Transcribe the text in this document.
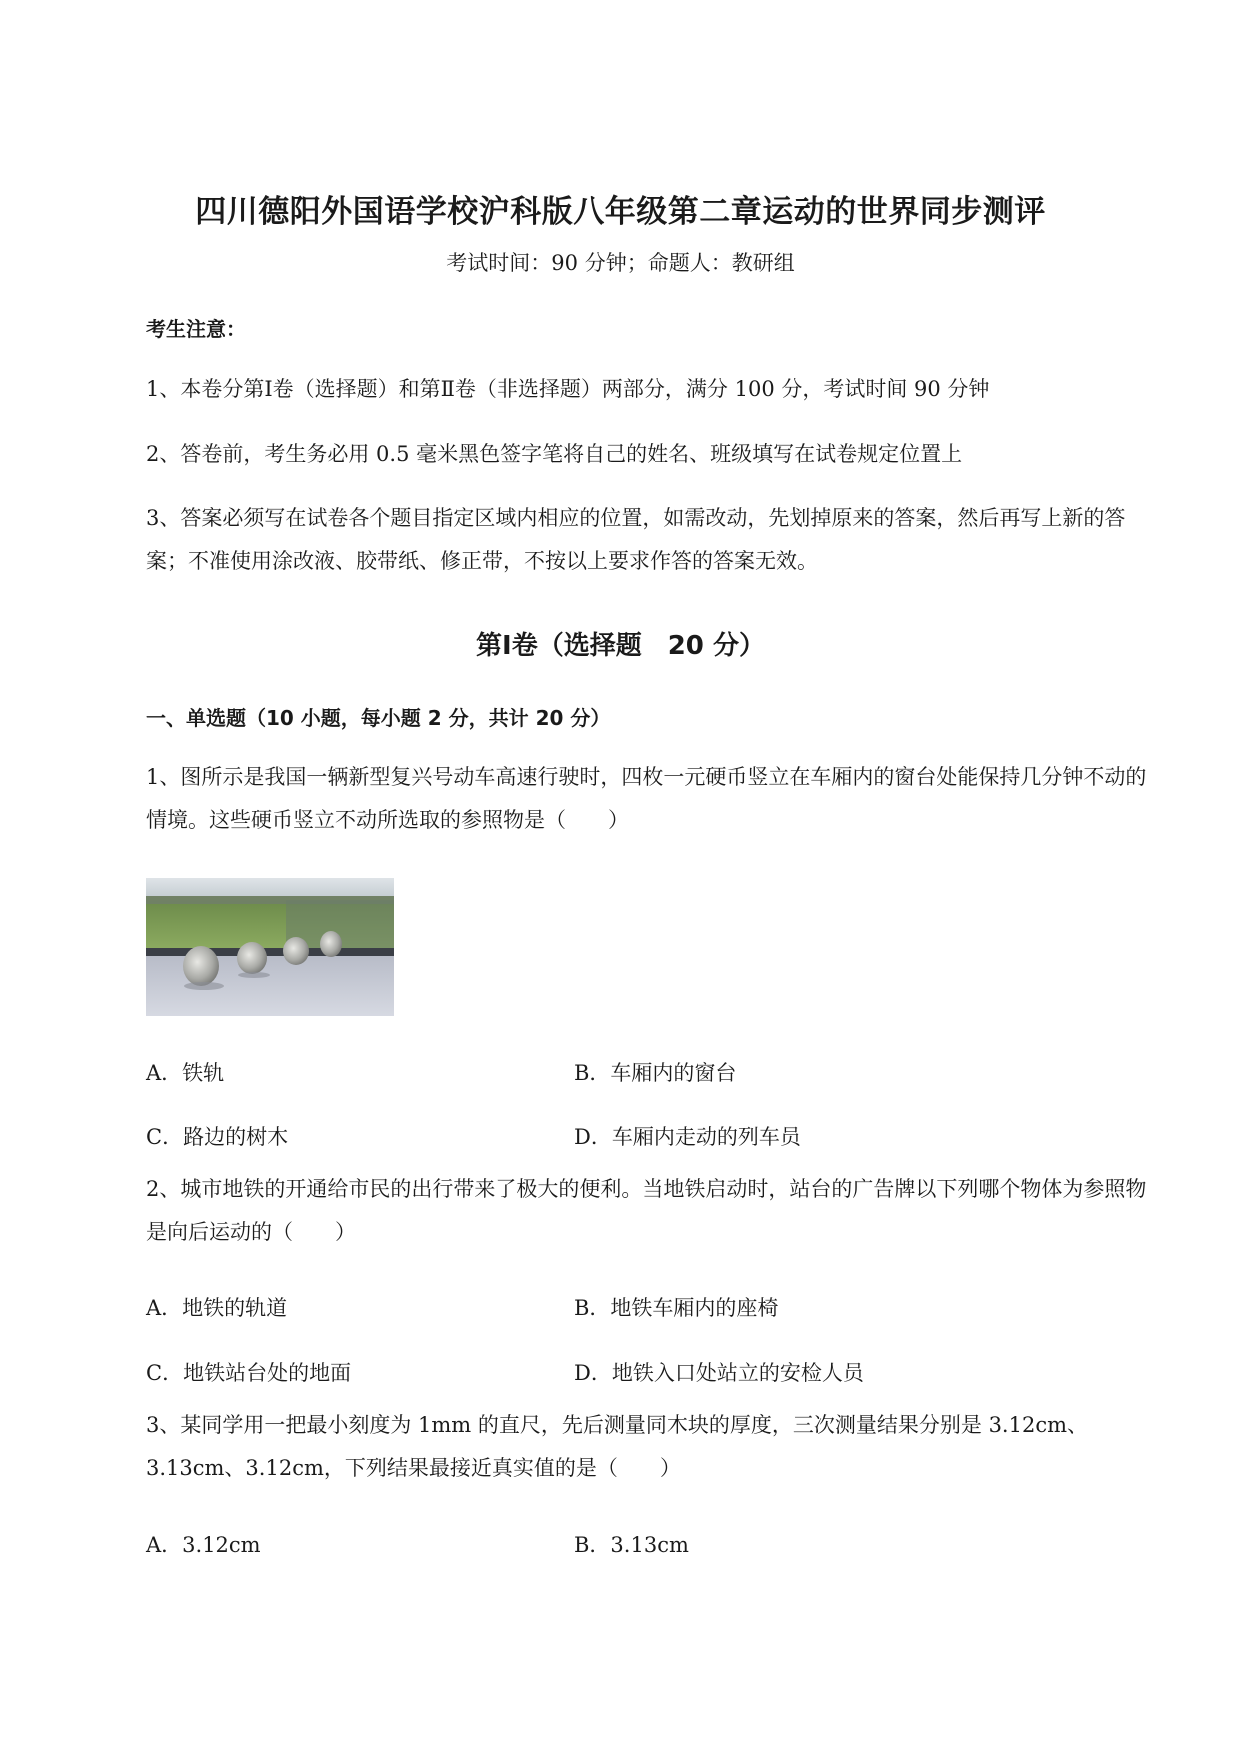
四川德阳外国语学校沪科版八年级第二章运动的世界同步测评
考试时间：90 分钟；命题人：教研组
考生注意：
1、本卷分第Ⅰ卷（选择题）和第Ⅱ卷（非选择题）两部分，满分 100 分，考试时间 90 分钟
2、答卷前，考生务必用 0.5 毫米黑色签字笔将自己的姓名、班级填写在试卷规定位置上
3、答案必须写在试卷各个题目指定区域内相应的位置，如需改动，先划掉原来的答案，然后再写上新的答案；不准使用涂改液、胶带纸、修正带，不按以上要求作答的答案无效。
第Ⅰ卷（选择题　20 分）
一、单选题（10 小题，每小题 2 分，共计 20 分）
1、图所示是我国一辆新型复兴号动车高速行驶时，四枚一元硬币竖立在车厢内的窗台处能保持几分钟不动的情境。这些硬币竖立不动所选取的参照物是（　　）
A．铁轨	B．车厢内的窗台
C．路边的树木	D．车厢内走动的列车员
2、城市地铁的开通给市民的出行带来了极大的便利。当地铁启动时，站台的广告牌以下列哪个物体为参照物是向后运动的（　　）
A．地铁的轨道	B．地铁车厢内的座椅
C．地铁站台处的地面	D．地铁入口处站立的安检人员
3、某同学用一把最小刻度为 1mm 的直尺，先后测量同木块的厚度，三次测量结果分别是 3.12cm、3.13cm、3.12cm，下列结果最接近真实值的是（　　）
A．3.12cm	B．3.13cm
